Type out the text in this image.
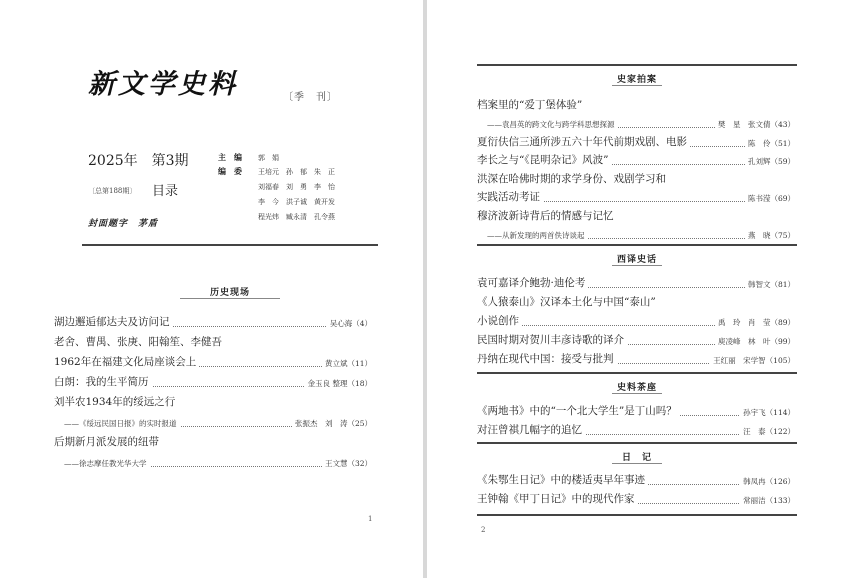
新文学史料	〔季　刊〕
2025年　第3期
〔总第188期〕 目录
封面题字　茅盾
主　编 郭　娟
编　委 王培元　孙　郁　朱　正
刘福春　刘　勇　李　怡
李　今　洪子诚　黄开发
程光炜　臧永清　孔令燕
历史现场
湖边邂逅郁达夫及访问记	吴心海（4）
老舍、曹禺、张庚、阳翰笙、李健吾
1962年在福建文化局座谈会上	黄立斌（11）
白朗：我的生平简历	金玉良 整理（18）
刘半农1934年的绥远之行
——《绥远民国日报》的实时报道	张振杰　刘　涛（25）
后期新月派发展的纽带
——徐志摩任教光华大学	王文慧（32）
1
史家拍案
档案里的“爱丁堡体验”
——袁昌英的跨文化与跨学科思想探源	樊　星　张文倩（43）
夏衍伕信三通所涉五六十年代前期戏剧、电影	陈　伶（51）
李长之与“《昆明杂记》风波”	孔刘辉（59）
洪深在哈佛时期的求学身份、戏剧学习和
实践活动考证	陈书滢（69）
穆济波新诗背后的情感与记忆
——从新发现的两首佚诗谈起	燕　晓（75）
西译史话
袁可嘉译介鲍勃·迪伦考	韩智文（81）
《人猿泰山》汉译本土化与中国“泰山”
小说创作	禹　玲　肖　莹（89）
民国时期对贺川丰彦诗歌的译介	庾凌峰　林　叶（99）
丹纳在现代中国：接受与批判	王红丽　宋学智（105）
史料茶座
《两地书》中的“一个北大学生”是丁山吗？	孙宇飞（114）
对汪曾祺几幅字的追忆	汪　泰（122）
日　记
《朱鄂生日记》中的楼适夷早年事迹	韩凤冉（126）
王钟翰《甲丁日记》中的现代作家	常丽洁（133）
2
